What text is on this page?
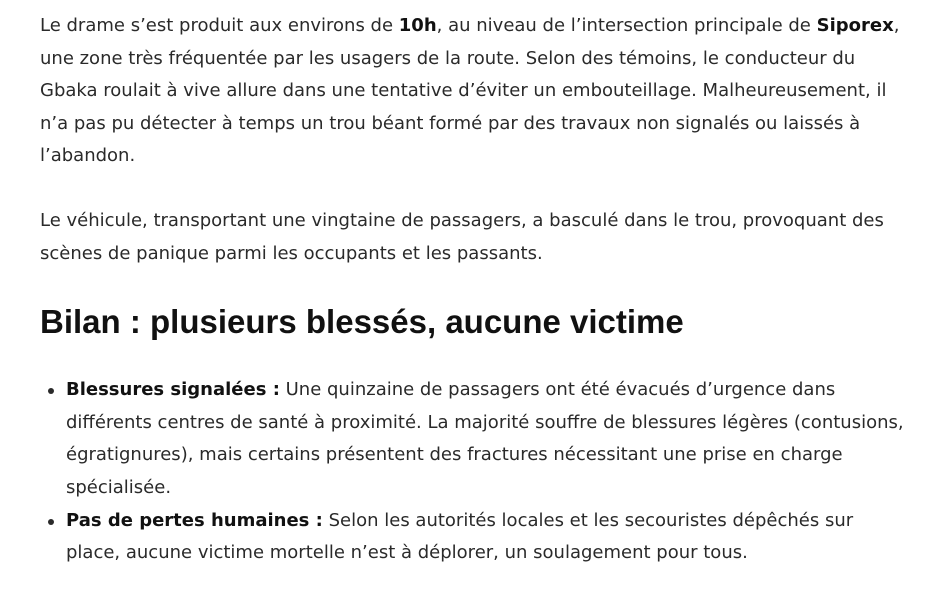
Le drame s’est produit aux environs de 10h, au niveau de l’intersection principale de Siporex, une zone très fréquentée par les usagers de la route. Selon des témoins, le conducteur du Gbaka roulait à vive allure dans une tentative d’éviter un embouteillage. Malheureusement, il n’a pas pu détecter à temps un trou béant formé par des travaux non signalés ou laissés à l’abandon.

Le véhicule, transportant une vingtaine de passagers, a basculé dans le trou, provoquant des scènes de panique parmi les occupants et les passants.

Bilan : plusieurs blessés, aucune victime
Blessures signalées : Une quinzaine de passagers ont été évacués d’urgence dans différents centres de santé à proximité. La majorité souffre de blessures légères (contusions, égratignures), mais certains présentent des fractures nécessitant une prise en charge spécialisée.
Pas de pertes humaines : Selon les autorités locales et les secouristes dépêchés sur place, aucune victime mortelle n’est à déplorer, un soulagement pour tous.
